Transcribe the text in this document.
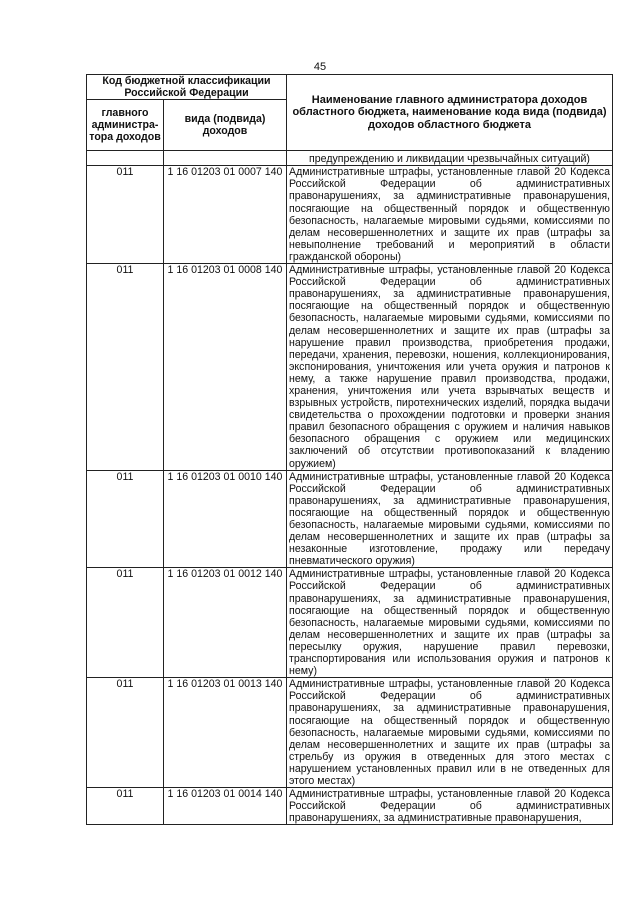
45
Код бюджетной классификации Российской Федерации		Наименование главного администратора доходов областного бюджета, наименование кода вида (подвида) доходов областного бюджета
главного администра-тора доходов	вида (подвида) доходов	
		предупреждению и ликвидации чрезвычайных ситуаций)
011	1 16 01203 01 0007 140	Административные штрафы, установленные главой 20 Кодекса Российской Федерации об административных правонарушениях, за административные правонарушения, посягающие на общественный порядок и общественную безопасность, налагаемые мировыми судьями, комиссиями по делам несовершеннолетних и защите их прав (штрафы за невыполнение требований и мероприятий в области гражданской обороны)
011	1 16 01203 01 0008 140	Административные штрафы, установленные главой 20 Кодекса Российской Федерации об административных правонарушениях, за административные правонарушения, посягающие на общественный порядок и общественную безопасность, налагаемые мировыми судьями, комиссиями по делам несовершеннолетних и защите их прав (штрафы за нарушение правил производства, приобретения продажи, передачи, хранения, перевозки, ношения, коллекционирования, экспонирования, уничтожения или учета оружия и патронов к нему, а также нарушение правил производства, продажи, хранения, уничтожения или учета взрывчатых веществ и взрывных устройств, пиротехнических изделий, порядка выдачи свидетельства о прохождении подготовки и проверки знания правил безопасного обращения с оружием и наличия навыков безопасного обращения с оружием или медицинских заключений об отсутствии противопоказаний к владению оружием)
011	1 16 01203 01 0010 140	Административные штрафы, установленные главой 20 Кодекса Российской Федерации об административных правонарушениях, за административные правонарушения, посягающие на общественный порядок и общественную безопасность, налагаемые мировыми судьями, комиссиями по делам несовершеннолетних и защите их прав (штрафы за незаконные изготовление, продажу или передачу пневматического оружия)
011	1 16 01203 01 0012 140	Административные штрафы, установленные главой 20 Кодекса Российской Федерации об административных правонарушениях, за административные правонарушения, посягающие на общественный порядок и общественную безопасность, налагаемые мировыми судьями, комиссиями по делам несовершеннолетних и защите их прав (штрафы за пересылку оружия, нарушение правил перевозки, транспортирования или использования оружия и патронов к нему)
011	1 16 01203 01 0013 140	Административные штрафы, установленные главой 20 Кодекса Российской Федерации об административных правонарушениях, за административные правонарушения, посягающие на общественный порядок и общественную безопасность, налагаемые мировыми судьями, комиссиями по делам несовершеннолетних и защите их прав (штрафы за стрельбу из оружия в отведенных для этого местах с нарушением установленных правил или в не отведенных для этого местах)
011	1 16 01203 01 0014 140	Административные штрафы, установленные главой 20 Кодекса Российской Федерации об административных правонарушениях, за административные правонарушения,
